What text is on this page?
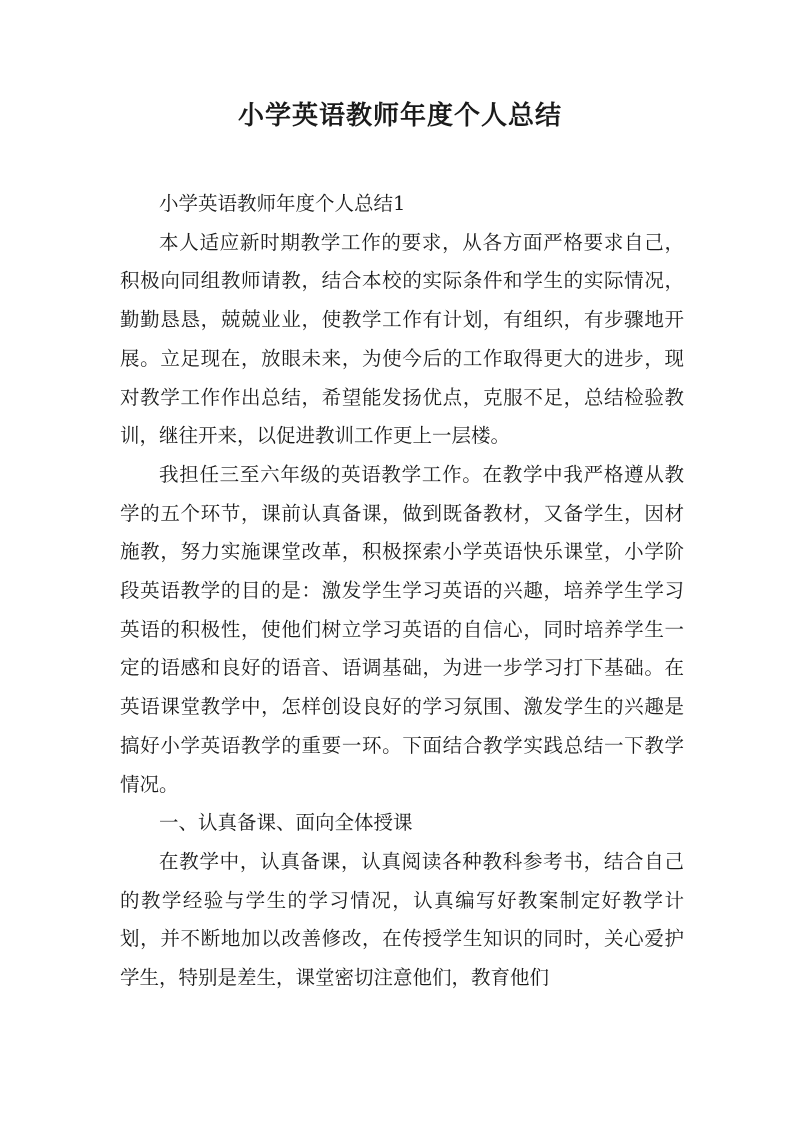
小学英语教师年度个人总结

小学英语教师年度个人总结1

本人适应新时期教学工作的要求，从各方面严格要求自己，积极向同组教师请教，结合本校的实际条件和学生的实际情况，勤勤恳恳，兢兢业业，使教学工作有计划，有组织，有步骤地开展。立足现在，放眼未来，为使今后的工作取得更大的进步，现对教学工作作出总结，希望能发扬优点，克服不足，总结检验教训，继往开来，以促进教训工作更上一层楼。

我担任三至六年级的英语教学工作。在教学中我严格遵从教学的五个环节，课前认真备课，做到既备教材，又备学生，因材施教，努力实施课堂改革，积极探索小学英语快乐课堂，小学阶段英语教学的目的是：激发学生学习英语的兴趣，培养学生学习英语的积极性，使他们树立学习英语的自信心，同时培养学生一定的语感和良好的语音、语调基础，为进一步学习打下基础。在英语课堂教学中，怎样创设良好的学习氛围、激发学生的兴趣是搞好小学英语教学的重要一环。下面结合教学实践总结一下教学情况。

一、认真备课、面向全体授课

在教学中，认真备课，认真阅读各种教科参考书，结合自己的教学经验与学生的学习情况，认真编写好教案制定好教学计划，并不断地加以改善修改，在传授学生知识的同时，关心爱护学生，特别是差生，课堂密切注意他们，教育他们
